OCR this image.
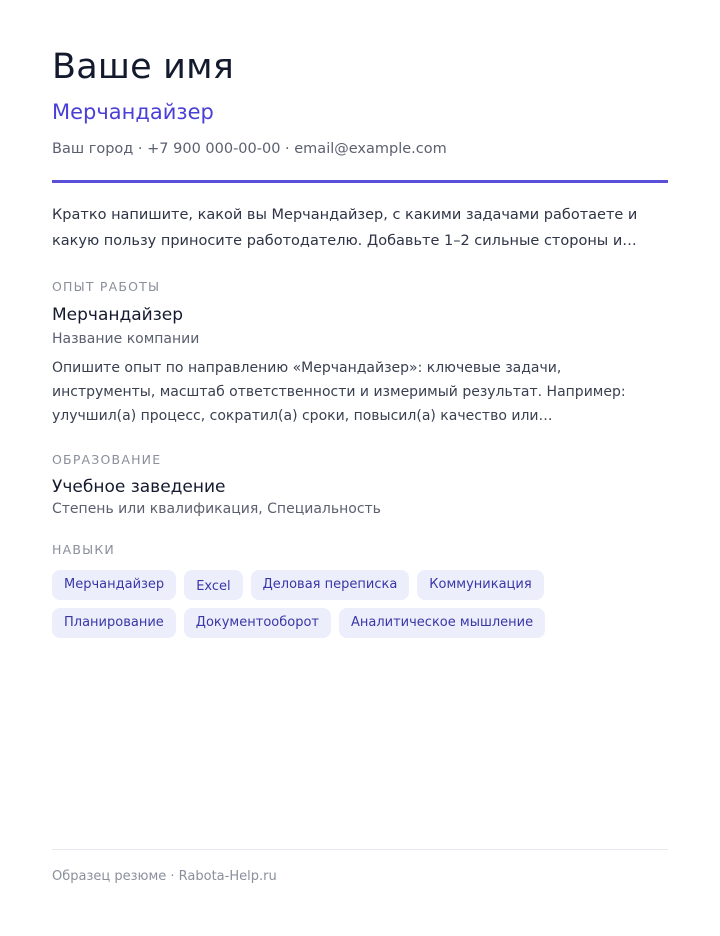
Ваше имя
Мерчандайзер
Ваш город · +7 900 000-00-00 · email@example.com
Кратко напишите, какой вы Мерчандайзер, с какими задачами работаете и какую пользу приносите работодателю. Добавьте 1–2 сильные стороны и…
ОПЫТ РАБОТЫ
Мерчандайзер
Название компании
Опишите опыт по направлению «Мерчандайзер»: ключевые задачи, инструменты, масштаб ответственности и измеримый результат. Например: улучшил(а) процесс, сократил(а) сроки, повысил(а) качество или…
ОБРАЗОВАНИЕ
Учебное заведение
Степень или квалификация, Специальность
НАВЫКИ
Мерчандайзер	Excel	Деловая переписка	Коммуникация
Планирование	Документооборот	Аналитическое мышление
Образец резюме · Rabota-Help.ru
